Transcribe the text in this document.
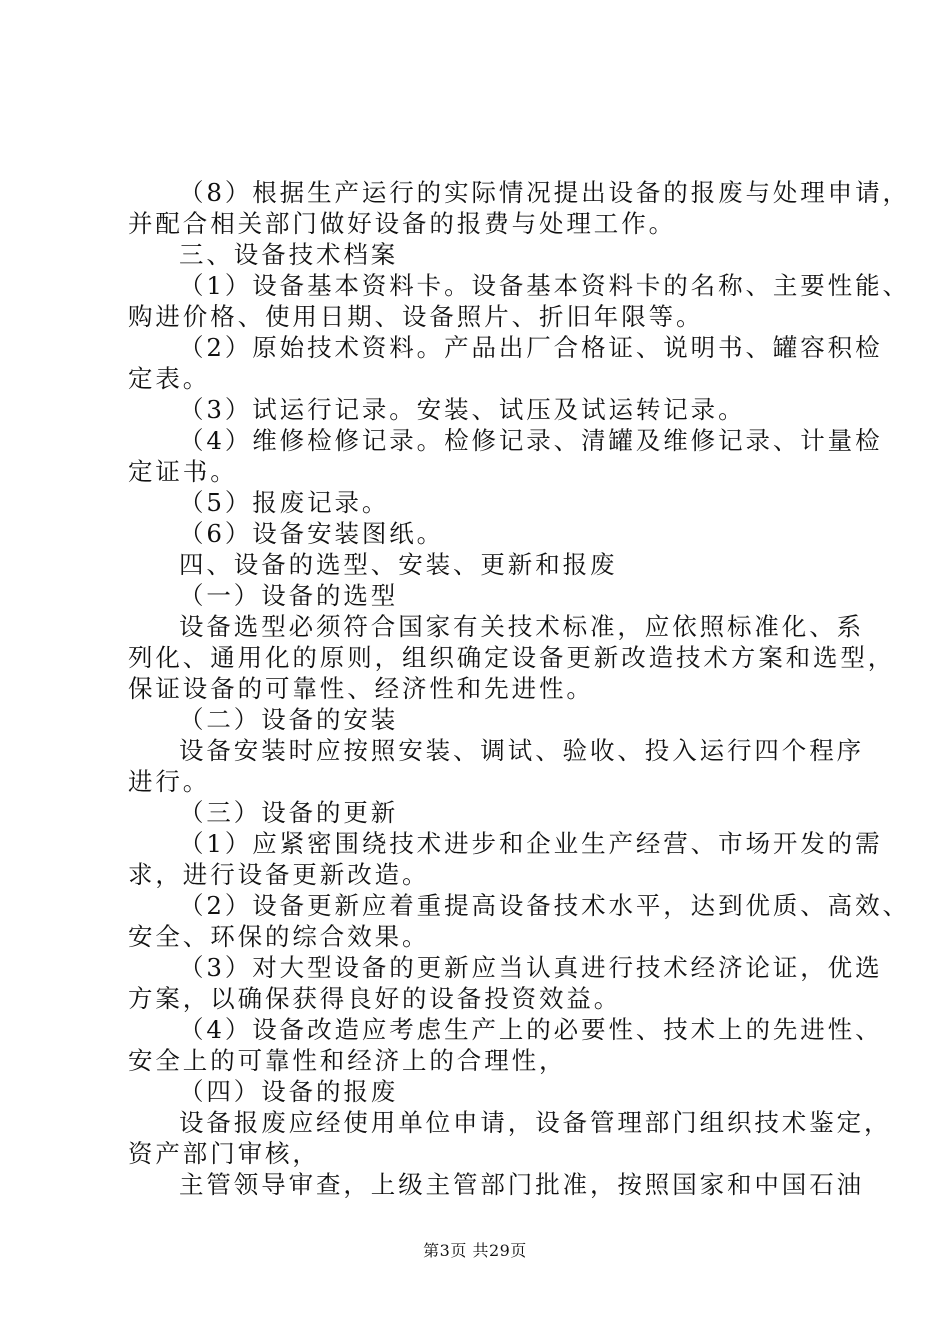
（8）根据生产运行的实际情况提出设备的报废与处理申请，
并配合相关部门做好设备的报费与处理工作。
三、设备技术档案
（1）设备基本资料卡。设备基本资料卡的名称、主要性能、
购进价格、使用日期、设备照片、折旧年限等。
（2）原始技术资料。产品出厂合格证、说明书、罐容积检
定表。
（3）试运行记录。安装、试压及试运转记录。
（4）维修检修记录。检修记录、清罐及维修记录、计量检
定证书。
（5）报废记录。
（6）设备安装图纸。
四、设备的选型、安装、更新和报废
（一）设备的选型
设备选型必须符合国家有关技术标准，应依照标准化、系
列化、通用化的原则，组织确定设备更新改造技术方案和选型，
保证设备的可靠性、经济性和先进性。
（二）设备的安装
设备安装时应按照安装、调试、验收、投入运行四个程序
进行。
（三）设备的更新
（1）应紧密围绕技术进步和企业生产经营、市场开发的需
求，进行设备更新改造。
（2）设备更新应着重提高设备技术水平，达到优质、高效、
安全、环保的综合效果。
（3）对大型设备的更新应当认真进行技术经济论证，优选
方案，以确保获得良好的设备投资效益。
（4）设备改造应考虑生产上的必要性、技术上的先进性、
安全上的可靠性和经济上的合理性，
（四）设备的报废
设备报废应经使用单位申请，设备管理部门组织技术鉴定，
资产部门审核，
主管领导审查，上级主管部门批准，按照国家和中国石油
第3页 共29页
